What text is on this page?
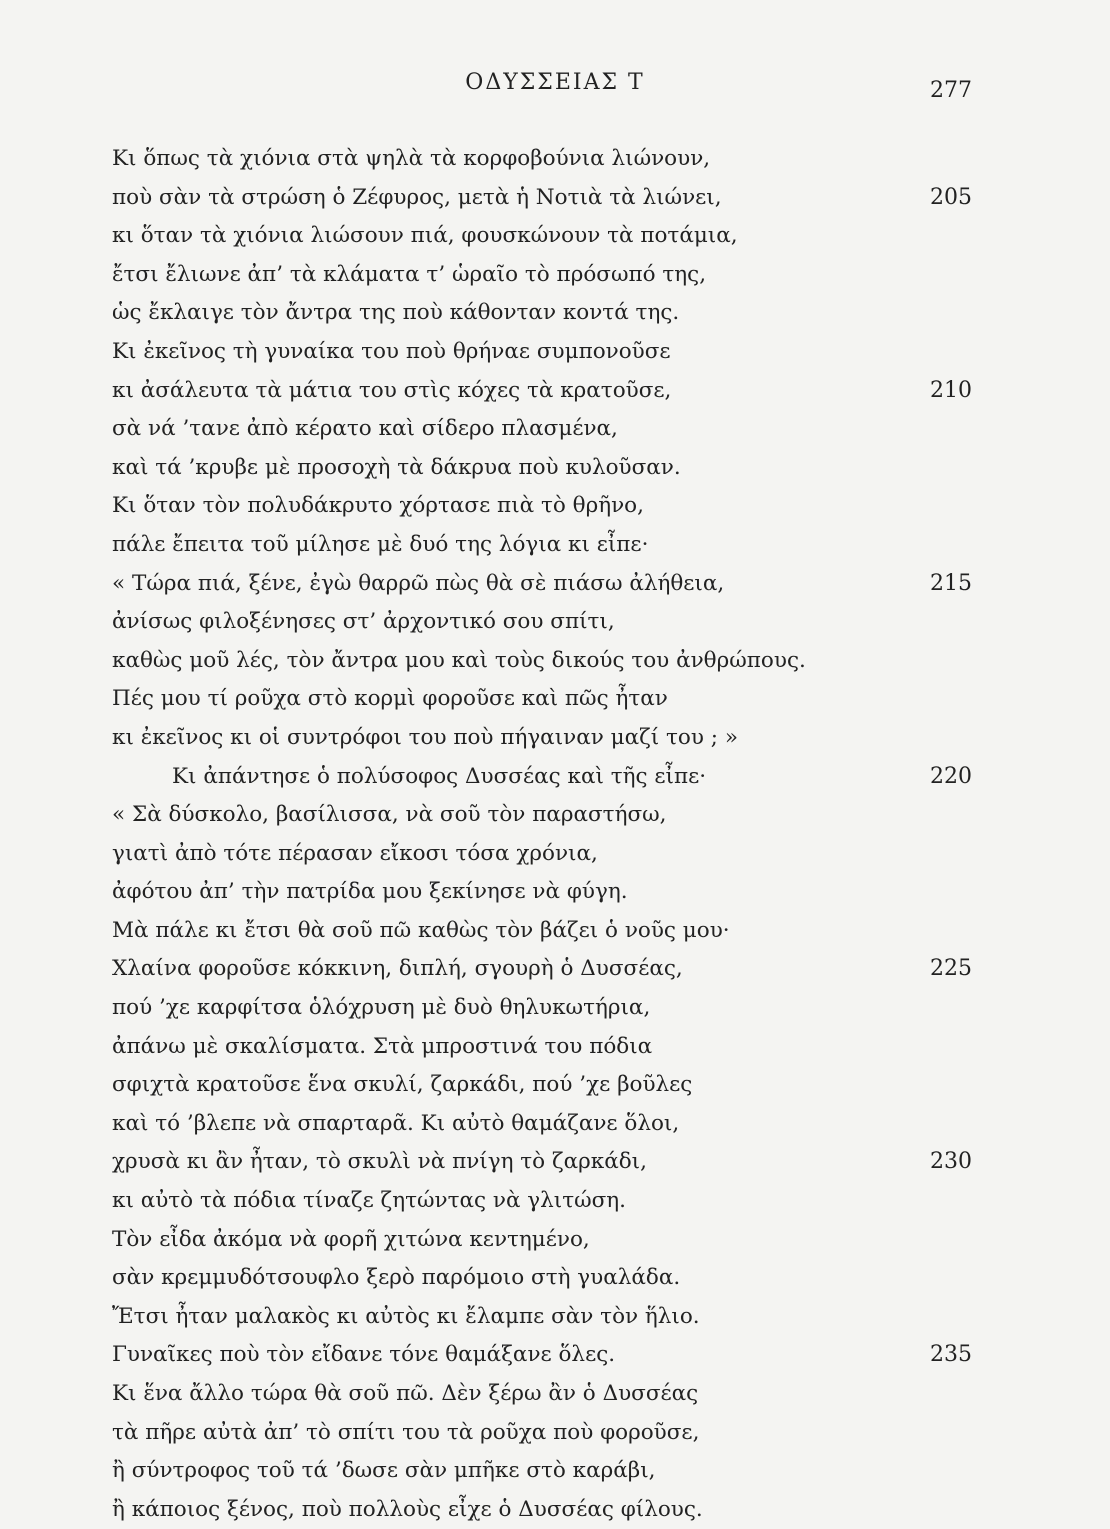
ΟΔΥΣΣΕΙΑΣ Τ	277
Κι ὅπως τὰ χιόνια στὰ ψηλὰ τὰ κορφοβούνια λιώνουν,
ποὺ σὰν τὰ στρώση ὁ Ζέφυρος, μετὰ ἡ Νοτιὰ τὰ λιώνει,	205
κι ὅταν τὰ χιόνια λιώσουν πιά, φουσκώνουν τὰ ποτάμια,
ἔτσι ἔλιωνε ἀπ’ τὰ κλάματα τ’ ὡραῖο τὸ πρόσωπό της,
ὡς ἔκλαιγε τὸν ἄντρα της ποὺ κάθονταν κοντά της.
Κι ἐκεῖνος τὴ γυναίκα του ποὺ θρήναε συμπονοῦσε
κι ἀσάλευτα τὰ μάτια του στὶς κόχες τὰ κρατοῦσε,	210
σὰ νά ’τανε ἀπὸ κέρατο καὶ σίδερο πλασμένα,
καὶ τά ’κρυβε μὲ προσοχὴ τὰ δάκρυα ποὺ κυλοῦσαν.
Κι ὅταν τὸν πολυδάκρυτο χόρτασε πιὰ τὸ θρῆνο,
πάλε ἔπειτα τοῦ μίλησε μὲ δυό της λόγια κι εἶπε·
« Τώρα πιά, ξένε, ἐγὼ θαρρῶ πὼς θὰ σὲ πιάσω ἀλήθεια,	215
ἀνίσως φιλοξένησες στ’ ἀρχοντικό σου σπίτι,
καθὼς μοῦ λές, τὸν ἄντρα μου καὶ τοὺς δικούς του ἀνθρώπους.
Πές μου τί ροῦχα στὸ κορμὶ φοροῦσε καὶ πῶς ἦταν
κι ἐκεῖνος κι οἱ συντρόφοι του ποὺ πήγαιναν μαζί του ; »
Κι ἀπάντησε ὁ πολύσοφος Δυσσέας καὶ τῆς εἶπε·	220
« Σὰ δύσκολο, βασίλισσα, νὰ σοῦ τὸν παραστήσω,
γιατὶ ἀπὸ τότε πέρασαν εἴκοσι τόσα χρόνια,
ἀφότου ἀπ’ τὴν πατρίδα μου ξεκίνησε νὰ φύγη.
Μὰ πάλε κι ἔτσι θὰ σοῦ πῶ καθὼς τὸν βάζει ὁ νοῦς μου·
Χλαίνα φοροῦσε κόκκινη, διπλή, σγουρὴ ὁ Δυσσέας,	225
πού ’χε καρφίτσα ὁλόχρυση μὲ δυὸ θηλυκωτήρια,
ἀπάνω μὲ σκαλίσματα. Στὰ μπροστινά του πόδια
σφιχτὰ κρατοῦσε ἕνα σκυλί, ζαρκάδι, πού ’χε βοῦλες
καὶ τό ’βλεπε νὰ σπαρταρᾶ. Κι αὐτὸ θαμάζανε ὅλοι,
χρυσὰ κι ἂν ἦταν, τὸ σκυλὶ νὰ πνίγη τὸ ζαρκάδι,	230
κι αὐτὸ τὰ πόδια τίναζε ζητώντας νὰ γλιτώση.
Τὸν εἶδα ἀκόμα νὰ φορῆ χιτώνα κεντημένο,
σὰν κρεμμυδότσουφλο ξερὸ παρόμοιο στὴ γυαλάδα.
Ἔτσι ἦταν μαλακὸς κι αὐτὸς κι ἔλαμπε σὰν τὸν ἥλιο.
Γυναῖκες ποὺ τὸν εἴδανε τόνε θαμάξανε ὅλες.	235
Κι ἕνα ἄλλο τώρα θὰ σοῦ πῶ. Δὲν ξέρω ἂν ὁ Δυσσέας
τὰ πῆρε αὐτὰ ἀπ’ τὸ σπίτι του τὰ ροῦχα ποὺ φοροῦσε,
ἢ σύντροφος τοῦ τά ’δωσε σὰν μπῆκε στὸ καράβι,
ἢ κάποιος ξένος, ποὺ πολλοὺς εἶχε ὁ Δυσσέας φίλους.
